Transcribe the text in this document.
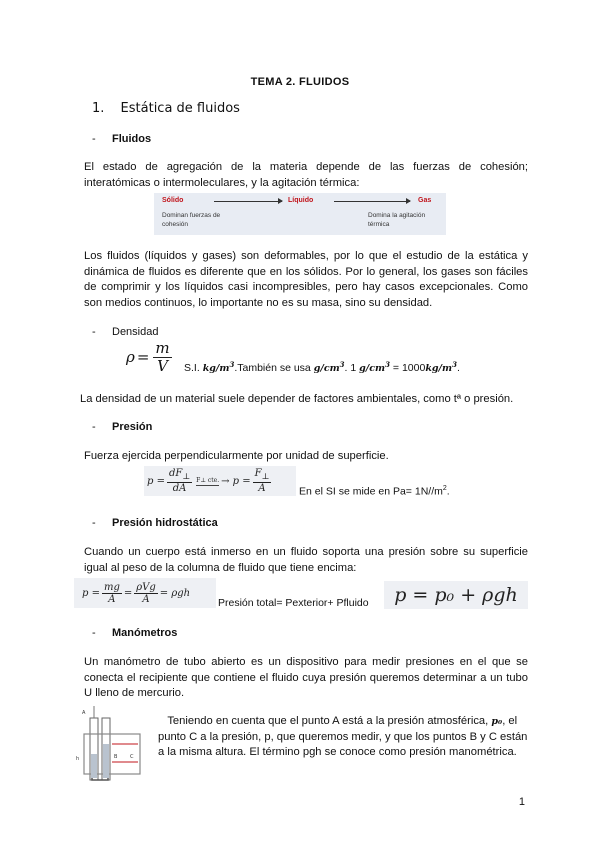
TEMA 2. FLUIDOS
1. Estática de fluidos
- Fluidos
El estado de agregación de la materia depende de las fuerzas de cohesión; interatómicas o intermoleculares, y la agitación térmica:
Sólido	Líquido	Gas
Dominan fuerzas de cohesión
Domina la agitación térmica
Los fluidos (líquidos y gases) son deformables, por lo que el estudio de la estática y dinámica de fluidos es diferente que en los sólidos. Por lo general, los gases son fáciles de comprimir y los líquidos casi incompresibles, pero hay casos excepcionales. Como son medios continuos, lo importante no es su masa, sino su densidad.
- Densidad
$\rho = \frac{m}{V} S.I$. $kg/m^3.También$ se usa $g/cm^3$. 1 $g/cm^3 = 1000kg/m^3$.
La densidad de un material suele depender de factores ambientales, como tª o presión.
- Presión
Fuerza ejercida perpendicularmente por unidad de superficie.
$p = \frac{dF_\perp}{dA}$ F⊥ cte. → $p = \frac{F_\perp}{A}$	En el SI se mide en $Pa= 1N//m^2$.
- Presión hidrostática
Cuando un cuerpo está inmerso en un fluido soporta una presión sobre su superficie igual al peso de la columna de fluido que tiene encima:
$p = \frac{mg}{A} = \frac{\text{ρVg}}{A} = \rho gh$
Presión total= Pexterior+ Pfluido	p = p₀ + ρgh
- Manómetros
Un manómetro de tubo abierto es un dispositivo para medir presiones en el que se conecta el recipiente que contiene el fluido cuya presión queremos determinar a un tubo U lleno de mercurio.
A
h	B	C
Teniendo en cuenta que el punto A está a la presión atmosférica, p₀, el punto C a la presión, p, que queremos medir, y que los puntos B y C están a la misma altura. El término pgh se conoce como presión manométrica.
1
